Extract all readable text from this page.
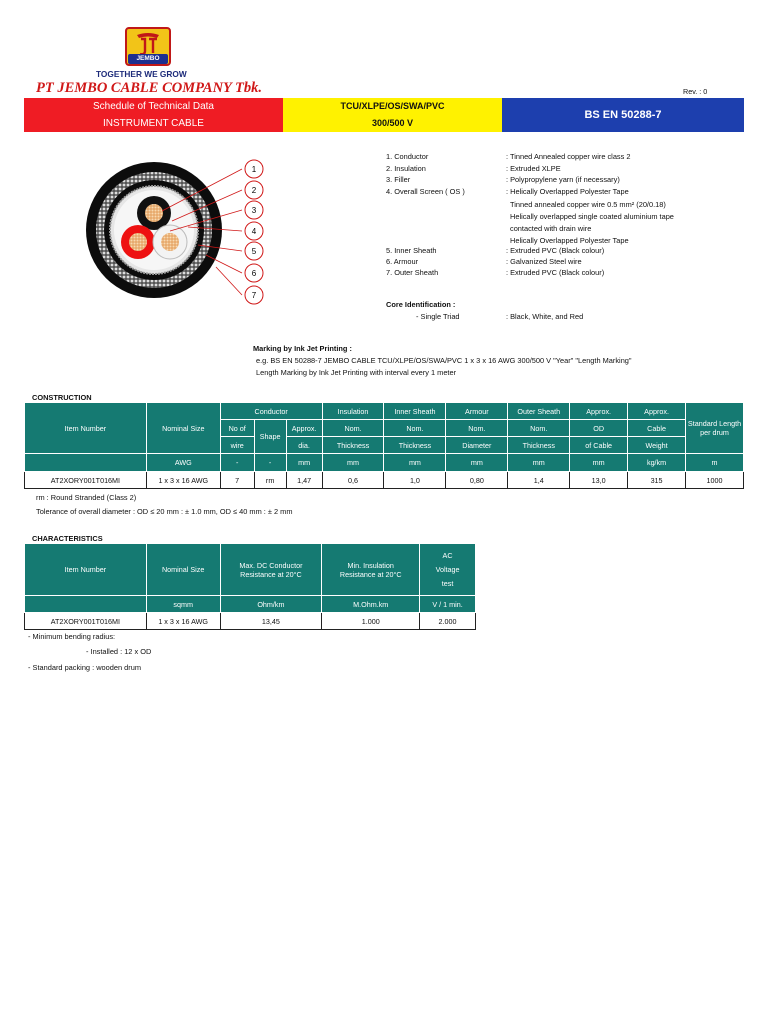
JEMBO
TOGETHER WE GROW
PT JEMBO CABLE COMPANY Tbk.	Rev. : 0
Schedule of Technical Data
INSTRUMENT CABLE
TCU/XLPE/OS/SWA/PVC
300/500 V
BS EN 50288-7
1
2
3
4
5
6
7
1. Conductor	: Tinned Annealed copper wire class 2
2. Insulation	: Extruded XLPE
3. Filler	: Polypropylene yarn (if necessary)
4. Overall Screen ( OS )	: Helically Overlapped Polyester Tape
Tinned annealed copper wire 0.5 mm² (20/0.18)
Helically overlapped single coated aluminium tape
contacted with drain wire
Helically Overlapped Polyester Tape
5. Inner Sheath	: Extruded PVC (Black colour)
6. Armour	: Galvanized Steel wire
7. Outer Sheath	: Extruded PVC (Black colour)
Core Identification :
- Single Triad	: Black, White, and Red
Marking by Ink Jet Printing :
e.g. BS EN 50288-7 JEMBO CABLE TCU/XLPE/OS/SWA/PVC 1 x 3 x 16 AWG 300/500 V "Year" "Length Marking"
Length Marking by Ink Jet Printing with interval every 1 meter
CONSTRUCTION
Item Number	Nominal Size	Conductor			Insulation	Inner Sheath	Armour	Outer Sheath	Approx.	Approx.	Standard Length per drum
		No of	Shape	Approx.	Nom.	Nom.	Nom.	Nom.	OD	Cable	
		wire		dia.	Thickness	Thickness	Diameter	Thickness	of Cable	Weight	
	AWG	-	-	mm	mm	mm	mm	mm	mm	kg/km	m
AT2XORY001T016MI	1 x 3 x 16 AWG	7	rm	1,47	0,6	1,0	0,80	1,4	13,0	315	1000
rm : Round Stranded (Class 2)
Tolerance of overall diameter : OD ≤ 20 mm : ± 1.0 mm, OD ≤ 40 mm : ± 2 mm
CHARACTERISTICS
Item Number	Nominal Size	Max. DC Conductor Resistance at 20°C	Min. Insulation Resistance at 20°C	AC
Voltage
test

	sqmm	Ohm/km	M.Ohm.km	V / 1 min.
AT2XORY001T016MI	1 x 3 x 16 AWG	13,45	1.000	2.000
- Minimum bending radius:
- Installed : 12 x OD
- Standard packing : wooden drum
